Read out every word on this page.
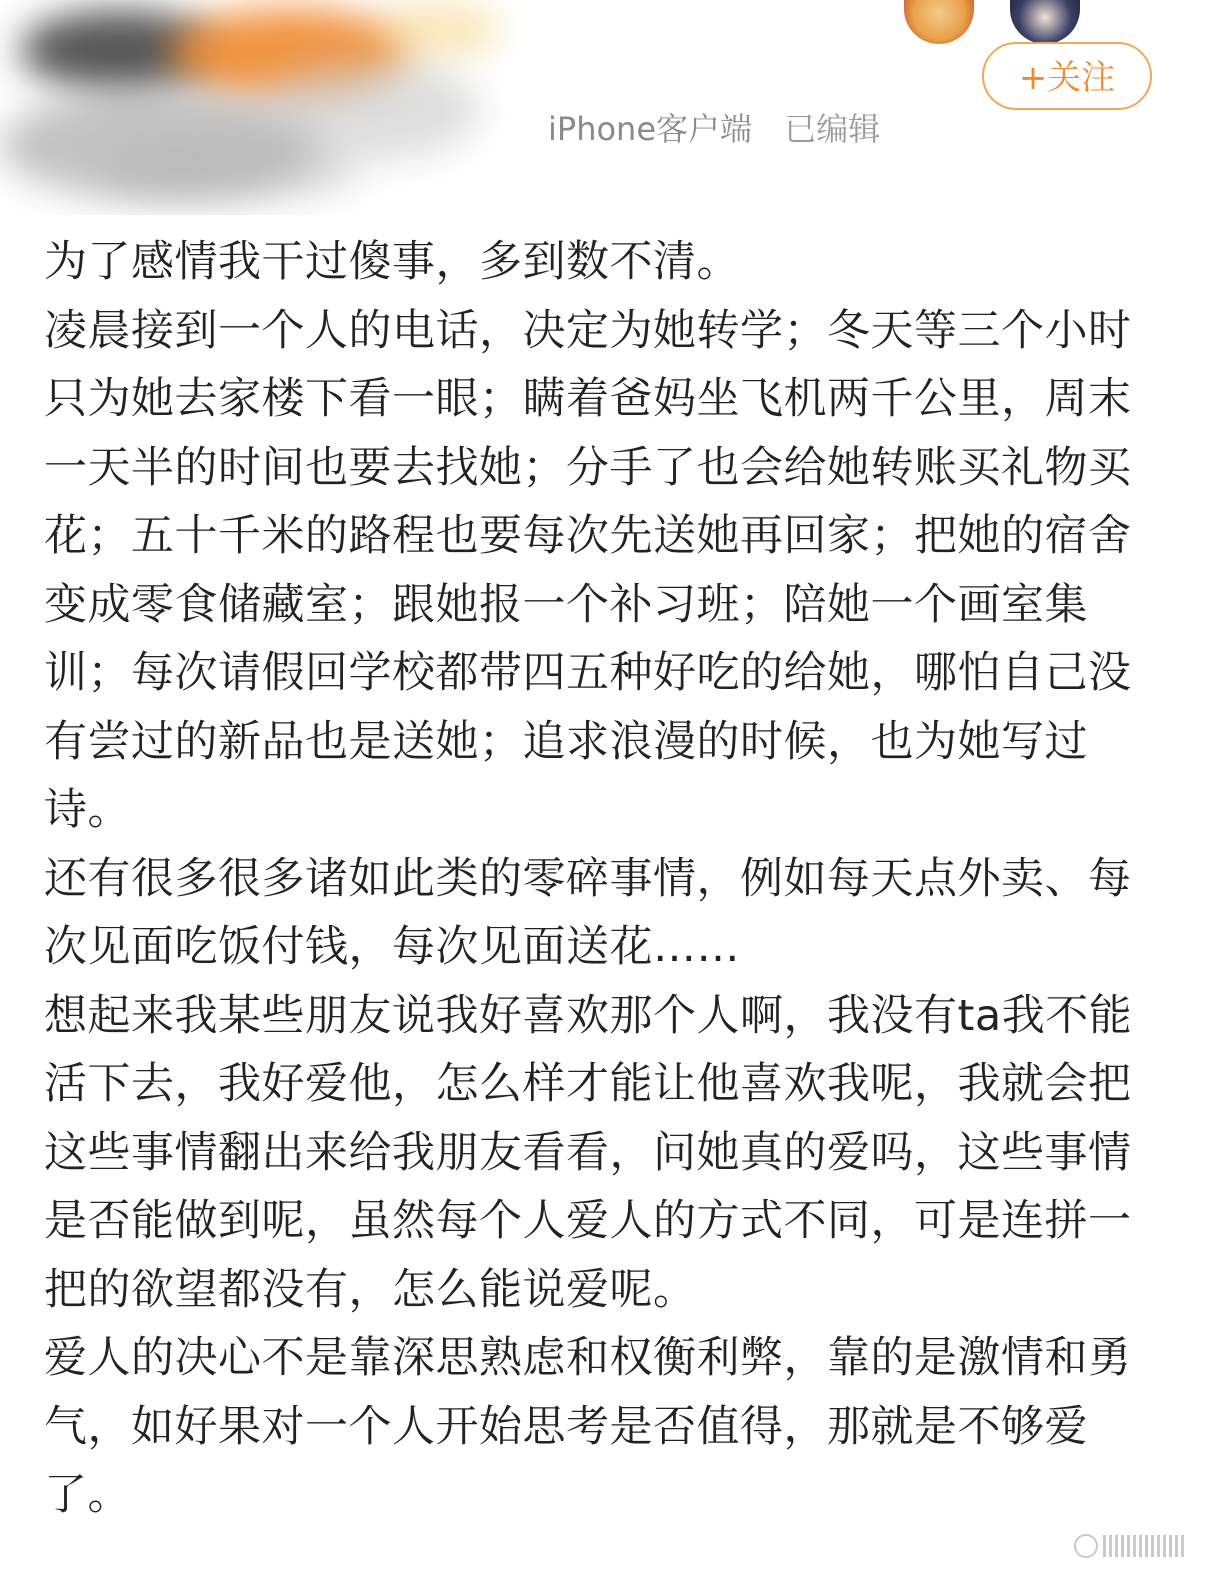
iPhone客户端 已编辑
+关注

为了感情我干过傻事，多到数不清。

凌晨接到一个人的电话，决定为她转学；冬天等三个小时只为她去家楼下看一眼；瞒着爸妈坐飞机两千公里，周末一天半的时间也要去找她；分手了也会给她转账买礼物买花；五十千米的路程也要每次先送她再回家；把她的宿舍变成零食储藏室；跟她报一个补习班；陪她一个画室集训；每次请假回学校都带四五种好吃的给她，哪怕自己没有尝过的新品也是送她；追求浪漫的时候，也为她写过诗。

还有很多很多诸如此类的零碎事情，例如每天点外卖、每次见面吃饭付钱，每次见面送花……

想起来我某些朋友说我好喜欢那个人啊，我没有ta我不能活下去，我好爱他，怎么样才能让他喜欢我呢，我就会把这些事情翻出来给我朋友看看，问她真的爱吗，这些事情是否能做到呢，虽然每个人爱人的方式不同，可是连拼一把的欲望都没有，怎么能说爱呢。

爱人的决心不是靠深思熟虑和权衡利弊，靠的是激情和勇气，如好果对一个人开始思考是否值得，那就是不够爱了。
